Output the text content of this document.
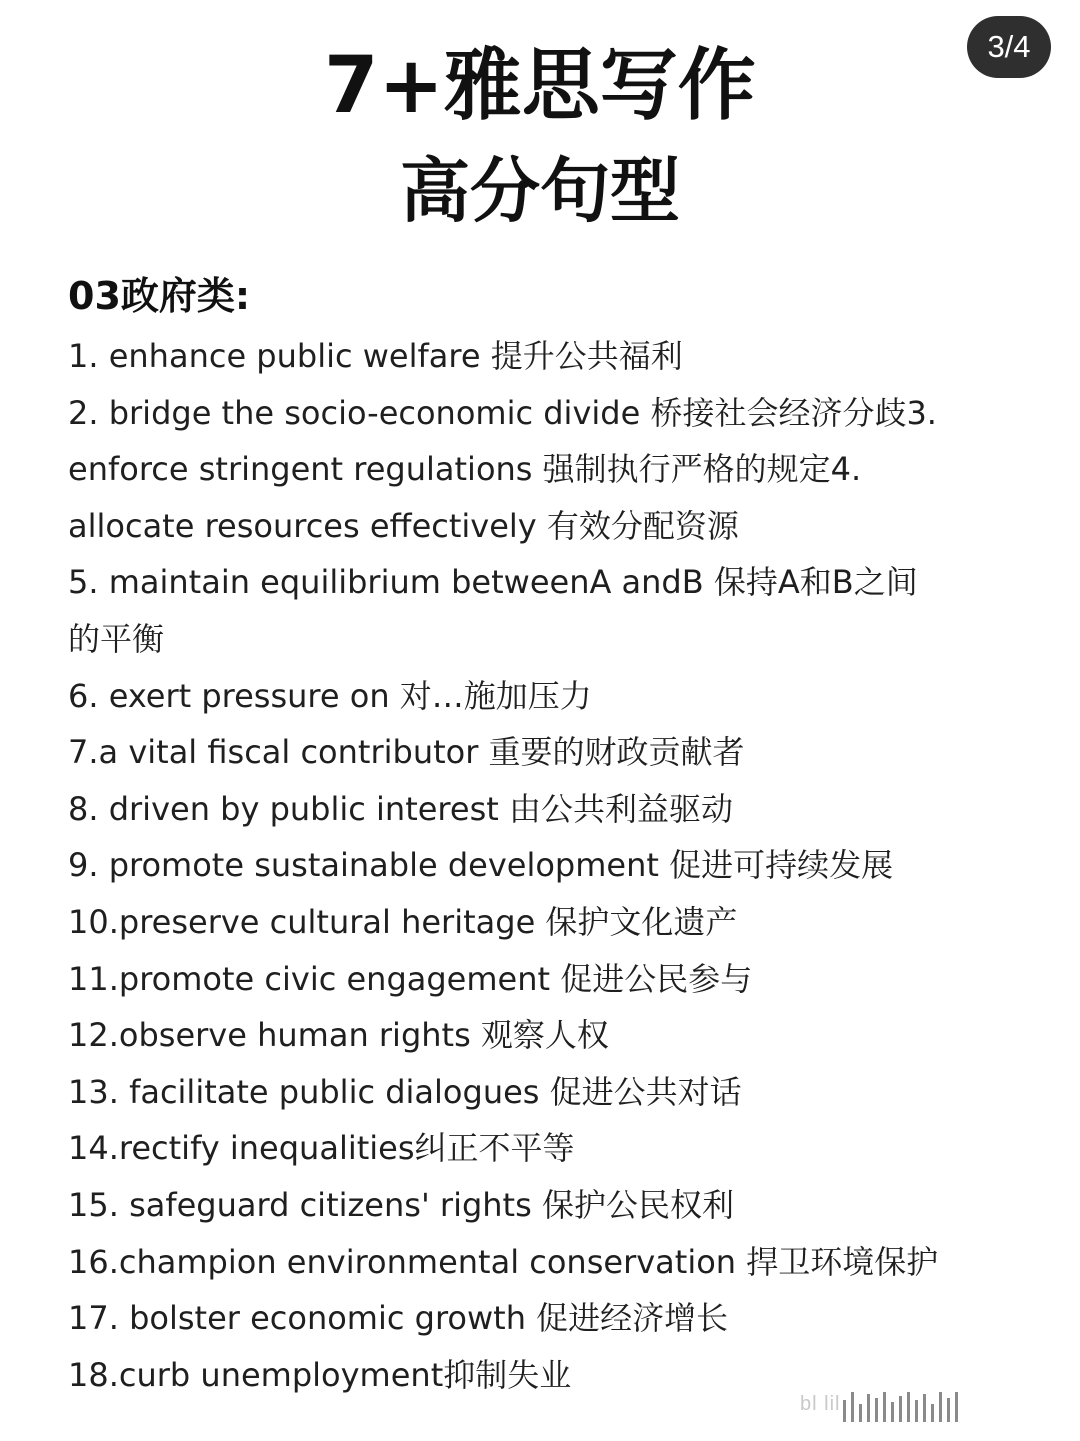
3/4
7+雅思写作
高分句型
03政府类:
1. enhance public welfare 提升公共福利
2. bridge the socio-economic divide 桥接社会经济分歧3.
enforce stringent regulations 强制执行严格的规定4.
allocate resources effectively 有效分配资源
5. maintain equilibrium betweenA andB 保持A和B之间
的平衡
6. exert pressure on 对…施加压力
7.a vital fiscal contributor 重要的财政贡献者
8. driven by public interest 由公共利益驱动
9. promote sustainable development 促进可持续发展
10.preserve cultural heritage 保护文化遗产
11.promote civic engagement 促进公民参与
12.observe human rights 观察人权
13. facilitate public dialogues 促进公共对话
14.rectify inequalities纠正不平等
15. safeguard citizens' rights 保护公民权利
16.champion environmental conservation 捍卫环境保护
17. bolster economic growth 促进经济增长
18.curb unemployment抑制失业
bl lil
